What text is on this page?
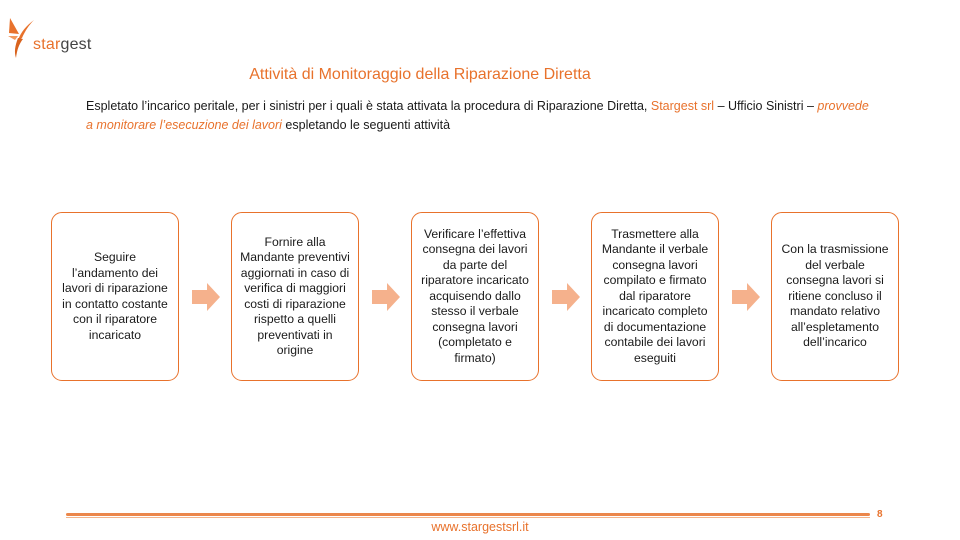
stargest
Attività di Monitoraggio della Riparazione Diretta
Espletato l’incarico peritale, per i sinistri per i quali è stata attivata la procedura di Riparazione Diretta, Stargest srl – Ufficio Sinistri – provvede a monitorare l’esecuzione dei lavori espletando le seguenti attività
Seguire l’andamento dei lavori di riparazione in contatto costante con il riparatore incaricato
Fornire alla Mandante preventivi aggiornati in caso di verifica di maggiori costi di riparazione rispetto a quelli preventivati in origine
Verificare l’effettiva consegna dei lavori da parte del riparatore incaricato acquisendo dallo stesso il verbale consegna lavori (completato e firmato)
Trasmettere alla Mandante il verbale consegna lavori compilato e firmato dal riparatore incaricato completo di documentazione contabile dei lavori eseguiti
Con la trasmissione del verbale consegna lavori si ritiene concluso il mandato relativo all’espletamento dell’incarico
8
www.stargestsrl.it
